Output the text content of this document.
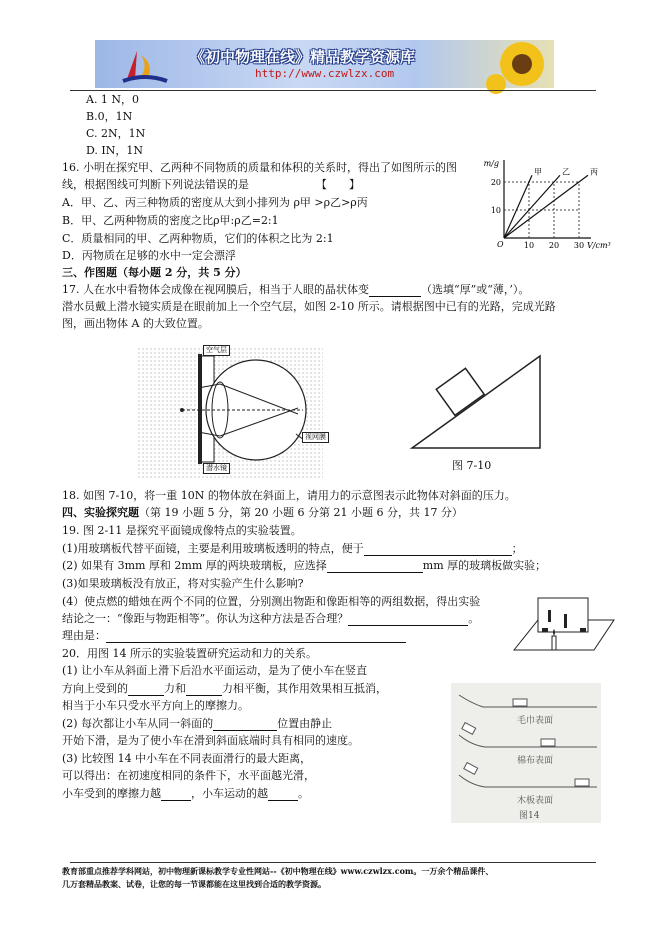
《初中物理在线》精品教学资源库
http://www.czwlzx.com
A. 1 N，0
B.0，1N
C. 2N，1N
D. IN，1N
16. 小明在探究甲、乙两种不同物质的质量和体积的关系时，得出了如图所示的图
线，根据图线可判断下列说法错误的是	【　　】
A．甲、乙、丙三种物质的密度从大到小排列为 ρ甲 >ρ乙>ρ丙
B．甲、乙两种物质的密度之比ρ甲:ρ乙=2:1
C．质量相同的甲、乙两种物质，它们的体积之比为 2:1
D．丙物质在足够的水中一定会漂浮
m/g
V/cm³
O	10 20 30
10
20
甲	乙	丙
三、作图题（每小题 2 分，共 5 分）
17. 人在水中看物体会成像在视网膜后，相当于人眼的晶状体变	（选填“厚”或“薄，’）。
潜水员戴上潜水镜实质是在眼前加上一个空气层，如图 2-10 所示。请根据图中已有的光路，完成光路
图，画出物体 A 的大致位置。
空气层
视网膜
潜水镜	图 7-10
18. 如图 7-10，将一重 10N 的物体放在斜面上，请用力的示意图表示此物体对斜面的压力。
四、实验探究题（第 19 小题 5 分，第 20 小题 6 分第 21 小题 6 分，共 17 分）
19. 图 2-11 是探究平面镜成像特点的实验装置。
(1)用玻璃板代替平面镜，主要是利用玻璃板透明的特点，便于	；
(2) 如果有 3mm 厚和 2mm 厚的两块玻璃板，应选择	mm 厚的玻璃板做实验；
(3)如果玻璃板没有放正，将对实验产生什么影响?
(4）使点燃的蜡烛在两个不同的位置，分别测出物距和像距相等的两组数据，得出实验
结论之一：“像距与物距相等”。你认为这种方法是否合理？	。
理由是：
20．用图 14 所示的实验装置研究运动和力的关系。
(1) 让小车从斜面上滑下后沿水平面运动，是为了使小车在竖直
方向上受到的	力和	力相平衡，其作用效果相互抵消，
相当于小车只受水平方向上的摩擦力。
(2) 每次都让小车从同一斜面的	位置由静止
开始下滑，是为了使小车在滑到斜面底端时具有相同的速度。
(3) 比较图 14 中小车在不同表面滑行的最大距离，
可以得出：在初速度相同的条件下，水平面越光滑，
小车受到的摩擦力越	，小车运动的越	。
毛巾表面
棉布表面
木板表面
图14
教育部重点推荐学科网站，初中物理新课标教学专业性网站--《初中物理在线》www.czwlzx.com。一万余个精品课件、
几万套精品教案、试卷，让您的每一节课都能在这里找到合适的教学资源。
